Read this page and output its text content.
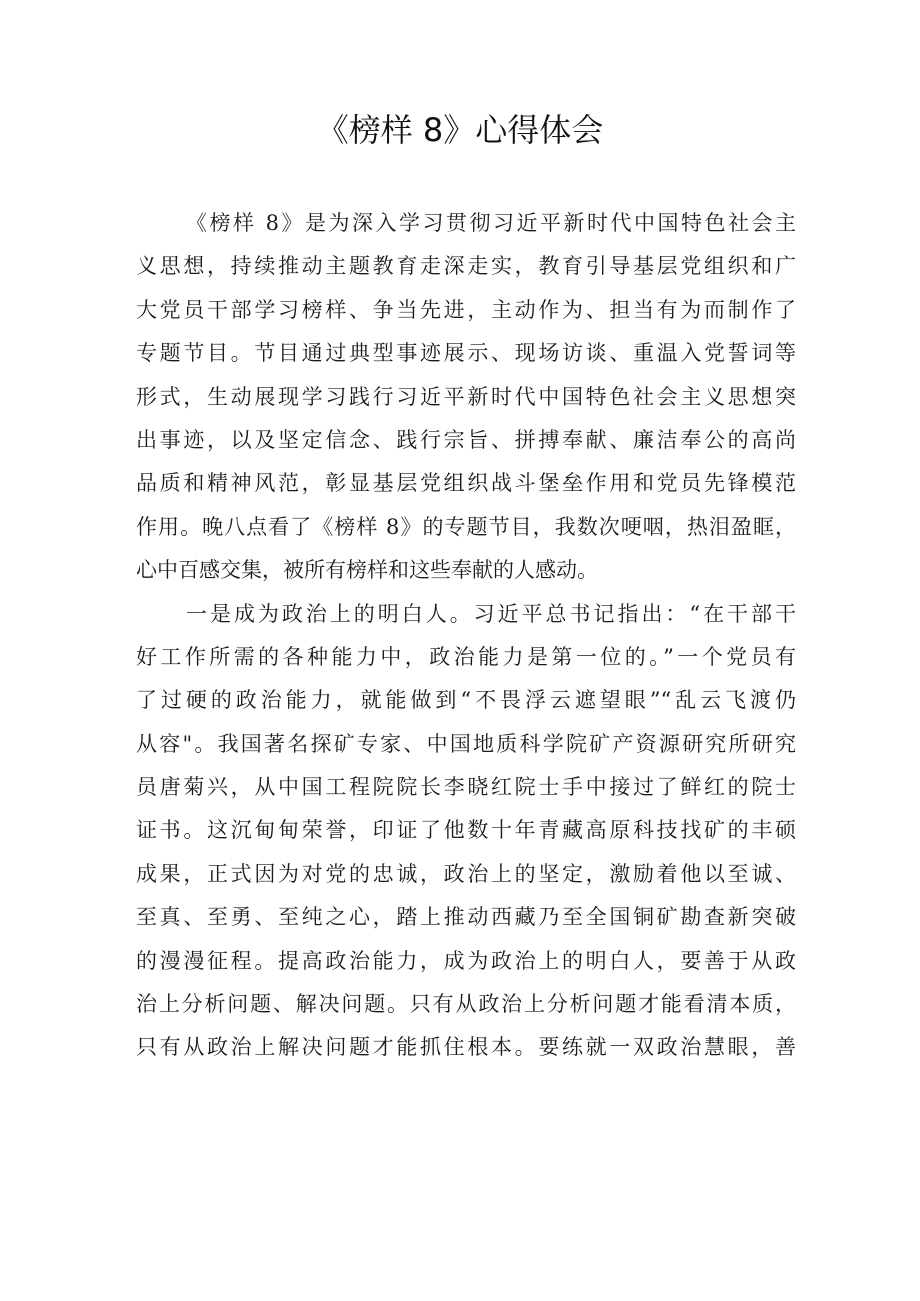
《榜样 8》心得体会
《榜样 8》是为深入学习贯彻习近平新时代中国特色社会主
义思想，持续推动主题教育走深走实，教育引导基层党组织和广
大党员干部学习榜样、争当先进，主动作为、担当有为而制作了
专题节目。节目通过典型事迹展示、现场访谈、重温入党誓词等
形式，生动展现学习践行习近平新时代中国特色社会主义思想突
出事迹，以及坚定信念、践行宗旨、拼搏奉献、廉洁奉公的高尚
品质和精神风范，彰显基层党组织战斗堡垒作用和党员先锋模范
作用。晚八点看了《榜样 8》的专题节目，我数次哽咽，热泪盈眶，
心中百感交集，被所有榜样和这些奉献的人感动。
一是成为政治上的明白人。习近平总书记指出：“在干部干
好工作所需的各种能力中，政治能力是第一位的。”一个党员有
了过硬的政治能力，就能做到“不畏浮云遮望眼”“乱云飞渡仍
从容"。我国著名探矿专家、中国地质科学院矿产资源研究所研究
员唐菊兴，从中国工程院院长李晓红院士手中接过了鲜红的院士
证书。这沉甸甸荣誉，印证了他数十年青藏高原科技找矿的丰硕
成果，正式因为对党的忠诚，政治上的坚定，激励着他以至诚、
至真、至勇、至纯之心，踏上推动西藏乃至全国铜矿勘查新突破
的漫漫征程。提高政治能力，成为政治上的明白人，要善于从政
治上分析问题、解决问题。只有从政治上分析问题才能看清本质，
只有从政治上解决问题才能抓住根本。要练就一双政治慧眼，善
